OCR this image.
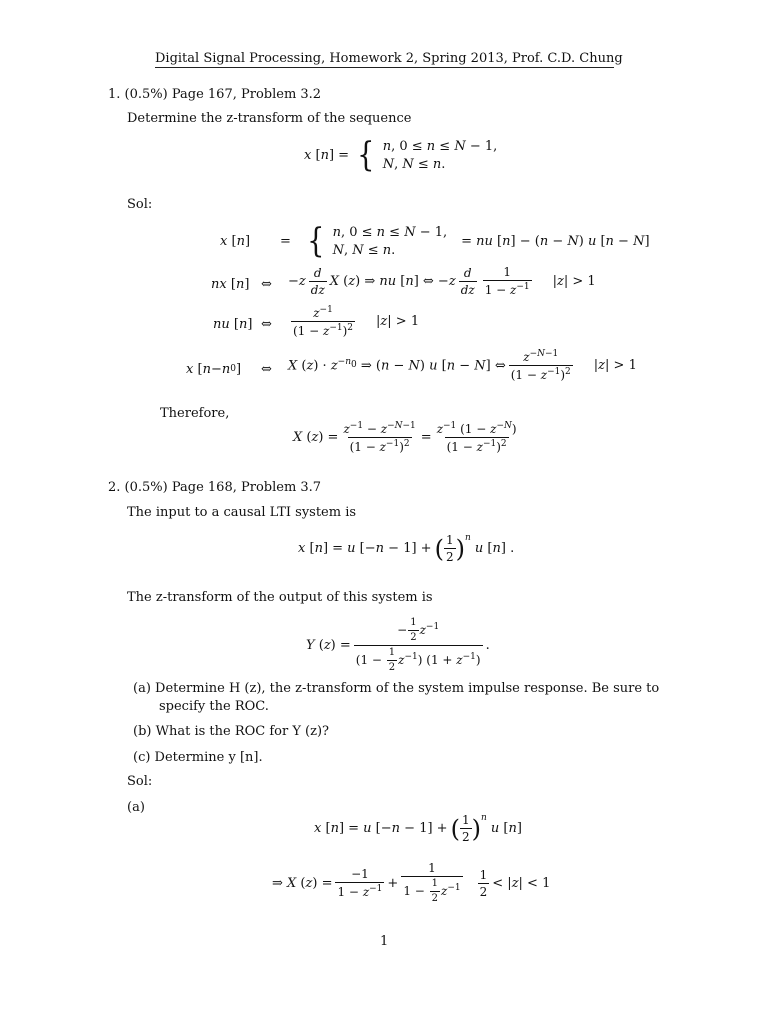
Digital Signal Processing, Homework 2, Spring 2013, Prof. C.D. Chung
1. (0.5%) Page 167, Problem 3.2
Determine the z-transform of the sequence
x [n] = { n, 0 ≤ n ≤ N − 1,
N, N ≤ n.
Sol:
x [n] = { n, 0 ≤ n ≤ N − 1,
N, N ≤ n.
= nu [n] − (n − N) u [n − N]
nx [ n ] ⇔ $-z \frac{d}{dz}$ X (z) ⇒ nu [n] ⇔ $-z \frac{d}{dz} \frac{1}{1 - z^{-1}} |z| > 1$
nu [ n ] ⇔ $\frac{z^{-1}}{(1 - z^{-1})^2} |z| > 1$
x [ n − n 0 ] ⇔ X $(z) \cdot z^{-n_0}$ ⇒ (n − N) u [n − N] ⇔ $\frac{z^{-N-1}}{(1 - z^{-1})^2} |z| > 1$
Therefore,
X $(z) = \frac{z^{-1} - z^{-N-1}}{(1 - z^{-1})^2} = \frac{z^{-1} (1 - z^{-N})}{(1 - z^{-1})^2}$
2. (0.5%) Page 168, Problem 3.7
The input to a causal LTI system is
x [n] = u [−n − 1] + ( $\frac{1}{2}$ ) $^n$
u [n] .
The z-transform of the output of this system is
Y $(z) = \frac{- \frac{1}{2} z^{-1}}{(1 - \frac{1}{2} z^{-1}) (1 + z^{-1})}$ .
(a) Determine H (z), the z-transform of the system impulse response. Be sure to
specify the ROC.
(b) What is the ROC for Y (z)?
(c) Determine y [n].
Sol:
(a)
x [n] = u [−n − 1] + ( $\frac{1}{2}$ ) $^n$
u [n]
⇒ X $(z) = \frac{-1}{1 - z^{-1}} + \frac{1}{1 - \frac{1}{2} z^{-1}} \frac{1}{2} < |z| < 1$
1
